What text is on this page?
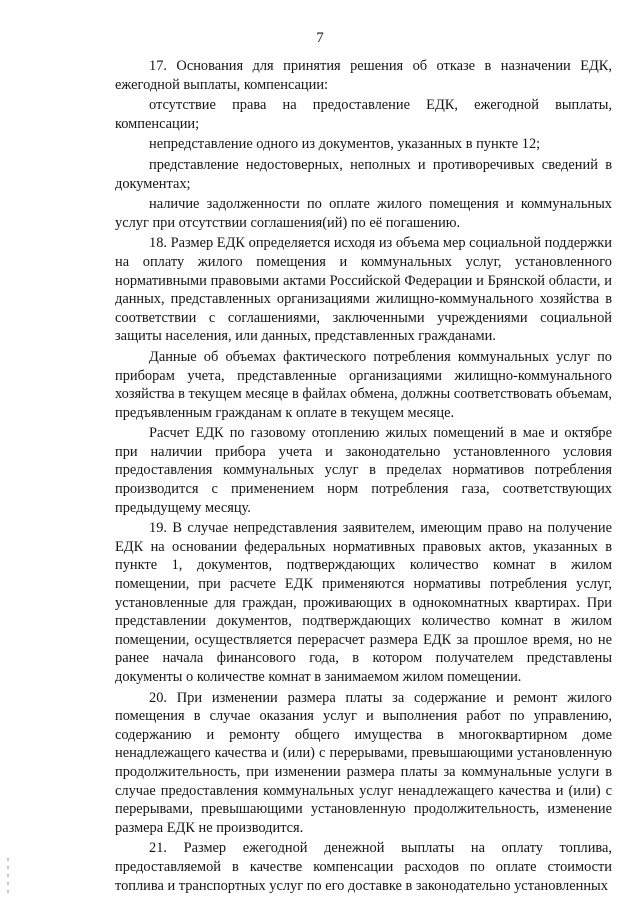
7

17. Основания для принятия решения об отказе в назначении ЕДК, ежегодной выплаты, компенсации:

отсутствие права на предоставление ЕДК, ежегодной выплаты, компенсации;

непредставление одного из документов, указанных в пункте 12;

представление недостоверных, неполных и противоречивых сведений в документах;

наличие задолженности по оплате жилого помещения и коммунальных услуг при отсутствии соглашения(ий) по её погашению.

18. Размер ЕДК определяется исходя из объема мер социальной поддержки на оплату жилого помещения и коммунальных услуг, установленного нормативными правовыми актами Российской Федерации и Брянской области, и данных, представленных организациями жилищно-коммунального хозяйства в соответствии с соглашениями, заключенными учреждениями социальной защиты населения, или данных, представленных гражданами.

Данные об объемах фактического потребления коммунальных услуг по приборам учета, представленные организациями жилищно-коммунального хозяйства в текущем месяце в файлах обмена, должны соответствовать объемам, предъявленным гражданам к оплате в текущем месяце.

Расчет ЕДК по газовому отоплению жилых помещений в мае и октябре при наличии прибора учета и законодательно установленного условия предоставления коммунальных услуг в пределах нормативов потребления производится с применением норм потребления газа, соответствующих предыдущему месяцу.

19. В случае непредставления заявителем, имеющим право на получение ЕДК на основании федеральных нормативных правовых актов, указанных в пункте 1, документов, подтверждающих количество комнат в жилом помещении, при расчете ЕДК применяются нормативы потребления услуг, установленные для граждан, проживающих в однокомнатных квартирах. При представлении документов, подтверждающих количество комнат в жилом помещении, осуществляется перерасчет размера ЕДК за прошлое время, но не ранее начала финансового года, в котором получателем представлены документы о количестве комнат в занимаемом жилом помещении.

20. При изменении размера платы за содержание и ремонт жилого помещения в случае оказания услуг и выполнения работ по управлению, содержанию и ремонту общего имущества в многоквартирном доме ненадлежащего качества и (или) с перерывами, превышающими установленную продолжительность, при изменении размера платы за коммунальные услуги в случае предоставления коммунальных услуг ненадлежащего качества и (или) с перерывами, превышающими установленную продолжительность, изменение размера ЕДК не производится.

21. Размер ежегодной денежной выплаты на оплату топлива, предоставляемой в качестве компенсации расходов по оплате стоимости топлива и транспортных услуг по его доставке в законодательно установленных
